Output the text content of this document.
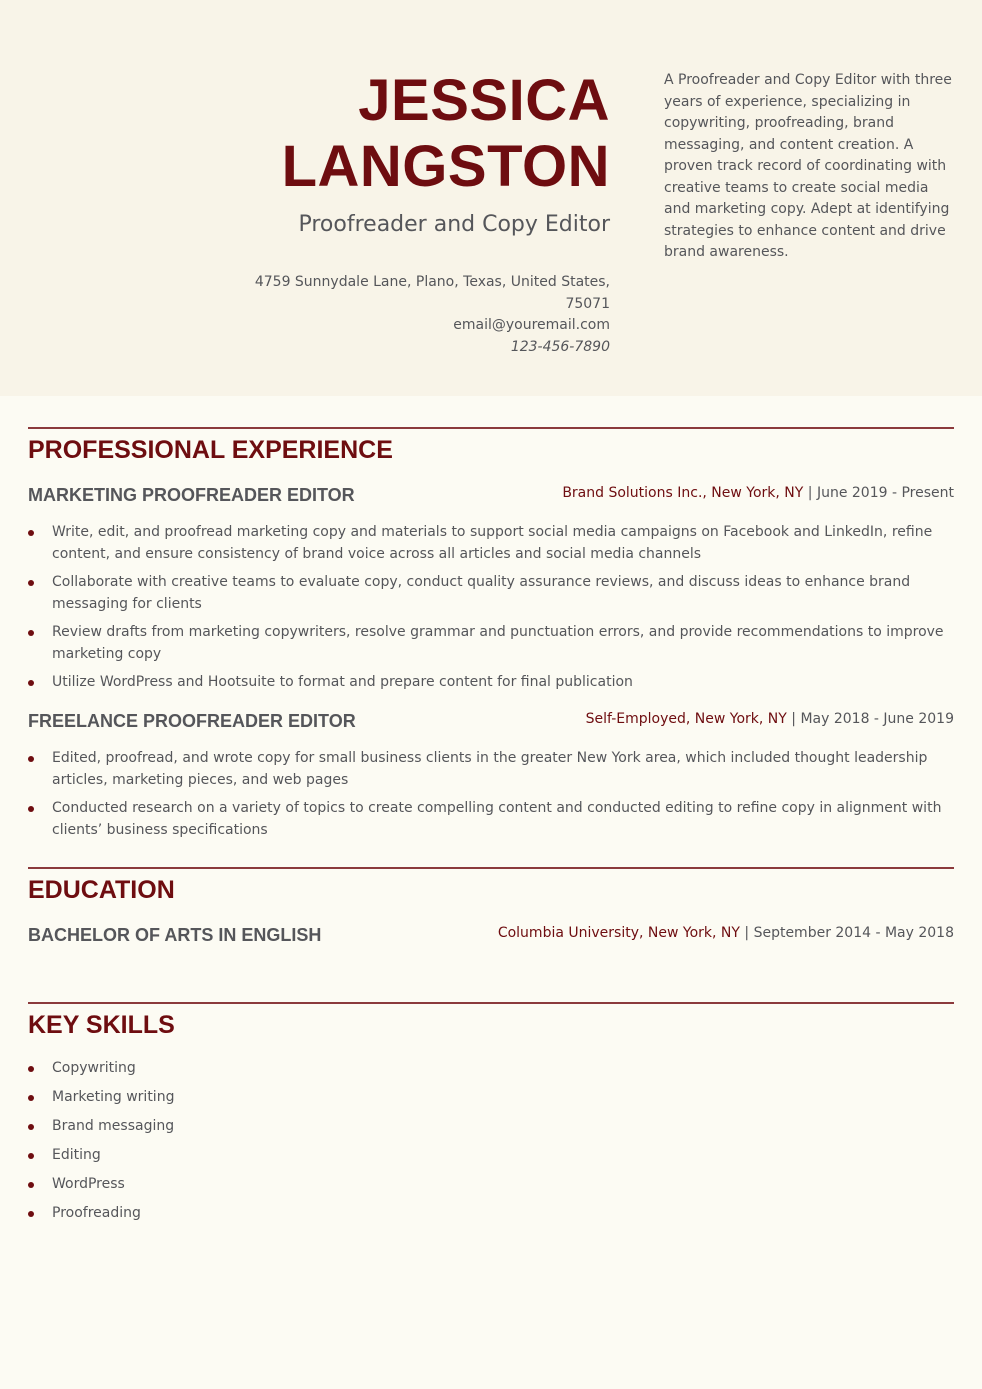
JESSICA
LANGSTON
Proofreader and Copy Editor
4759 Sunnydale Lane, Plano, Texas, United States,
75071
email@youremail.com
123-456-7890
A Proofreader and Copy Editor with three years of experience, specializing in copywriting, proofreading, brand messaging, and content creation. A proven track record of coordinating with creative teams to create social media and marketing copy. Adept at identifying strategies to enhance content and drive brand awareness.
PROFESSIONAL EXPERIENCE
MARKETING PROOFREADER EDITOR	Brand Solutions Inc., New York, NY | June 2019 - Present
Write, edit, and proofread marketing copy and materials to support social media campaigns on Facebook and LinkedIn, refine content, and ensure consistency of brand voice across all articles and social media channels
Collaborate with creative teams to evaluate copy, conduct quality assurance reviews, and discuss ideas to enhance brand messaging for clients
Review drafts from marketing copywriters, resolve grammar and punctuation errors, and provide recommendations to improve marketing copy
Utilize WordPress and Hootsuite to format and prepare content for final publication
FREELANCE PROOFREADER EDITOR	Self-Employed, New York, NY | May 2018 - June 2019
Edited, proofread, and wrote copy for small business clients in the greater New York area, which included thought leadership articles, marketing pieces, and web pages
Conducted research on a variety of topics to create compelling content and conducted editing to refine copy in alignment with clients’ business specifications
EDUCATION
BACHELOR OF ARTS IN ENGLISH	Columbia University, New York, NY | September 2014 - May 2018
KEY SKILLS
Copywriting
Marketing writing
Brand messaging
Editing
WordPress
Proofreading
